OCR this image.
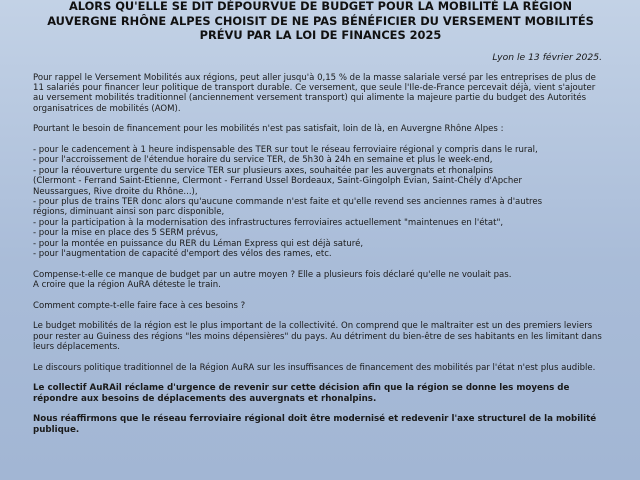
ALORS QU'ELLE SE DIT DÉPOURVUE DE BUDGET POUR LA MOBILITÉ LA RÉGION
AUVERGNE RHÔNE ALPES CHOISIT DE NE PAS BÉNÉFICIER DU VERSEMENT MOBILITÉS
PRÉVU PAR LA LOI DE FINANCES 2025
Lyon le 13 février 2025.
Pour rappel le Versement Mobilités aux régions, peut aller jusqu'à 0,15 % de la masse salariale versé par les entreprises de plus de 11 salariés pour financer leur politique de transport durable. Ce versement, que seule l'Ile-de-France percevait déjà, vient s'ajouter au versement mobilités traditionnel (anciennement versement transport) qui alimente la majeure partie du budget des Autorités organisatrices de mobilités (AOM).
Pourtant le besoin de financement pour les mobilités n'est pas satisfait, loin de là, en Auvergne Rhône Alpes :
- pour le cadencement à 1 heure indispensable des TER sur tout le réseau ferroviaire régional y compris dans le rural,
- pour l'accroissement de l'étendue horaire du service TER, de 5h30 à 24h en semaine et plus le week-end,
- pour la réouverture urgente du service TER sur plusieurs axes, souhaitée par les auvergnats et rhonalpins
(Clermont - Ferrand Saint-Etienne, Clermont - Ferrand Ussel Bordeaux, Saint-Gingolph Evian, Saint-Chély d'Apcher
Neussargues, Rive droite du Rhône...),
- pour plus de trains TER donc alors qu'aucune commande n'est faite et qu'elle revend ses anciennes rames à d'autres
régions, diminuant ainsi son parc disponible,
- pour la participation à la modernisation des infrastructures ferroviaires actuellement "maintenues en l'état",
- pour la mise en place des 5 SERM prévus,
- pour la montée en puissance du RER du Léman Express qui est déjà saturé,
- pour l'augmentation de capacité d'emport des vélos des rames, etc.
Compense-t-elle ce manque de budget par un autre moyen ? Elle a plusieurs fois déclaré qu'elle ne voulait pas.
A croire que la région AuRA déteste le train.
Comment compte-t-elle faire face à ces besoins ?
Le budget mobilités de la région est le plus important de la collectivité. On comprend que le maltraiter est un des premiers leviers pour rester au Guiness des régions "les moins dépensières" du pays. Au détriment du bien-être de ses habitants en les limitant dans leurs déplacements.
Le discours politique traditionnel de la Région AuRA sur les insuffisances de financement des mobilités par l'état n'est plus audible.
Le collectif AuRAil réclame d'urgence de revenir sur cette décision afin que la région se donne les moyens de répondre aux besoins de déplacements des auvergnats et rhonalpins.
Nous réaffirmons que le réseau ferroviaire régional doit être modernisé et redevenir l'axe structurel de la mobilité publique.
